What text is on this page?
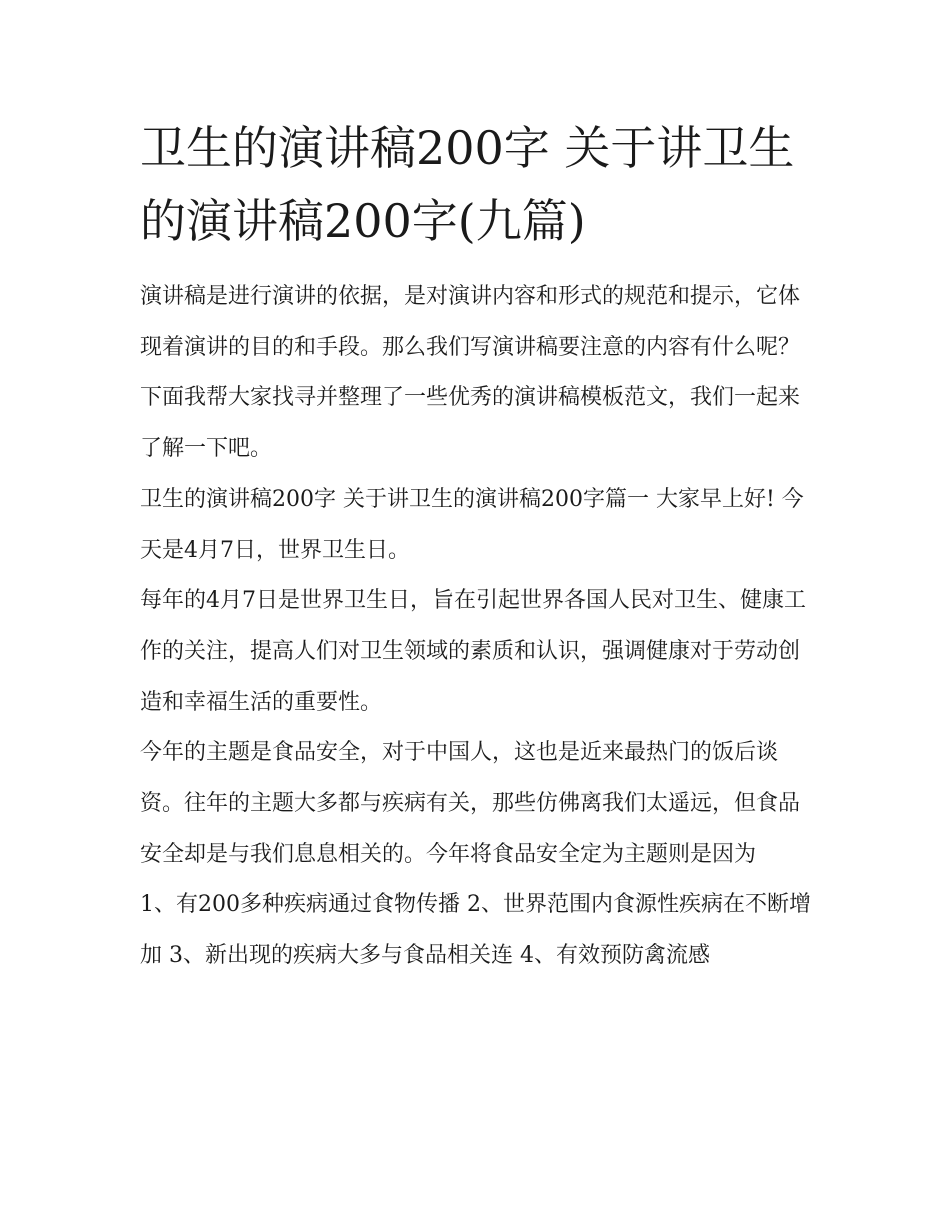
卫生的演讲稿200字 关于讲卫生的演讲稿200字(九篇)

演讲稿是进行演讲的依据，是对演讲内容和形式的规范和提示，它体现着演讲的目的和手段。那么我们写演讲稿要注意的内容有什么呢？下面我帮大家找寻并整理了一些优秀的演讲稿模板范文，我们一起来了解一下吧。

卫生的演讲稿200字 关于讲卫生的演讲稿200字篇一 大家早上好! 今天是4月7日，世界卫生日。

每年的4月7日是世界卫生日，旨在引起世界各国人民对卫生、健康工作的关注，提高人们对卫生领域的素质和认识，强调健康对于劳动创造和幸福生活的重要性。

今年的主题是食品安全，对于中国人，这也是近来最热门的饭后谈资。往年的主题大多都与疾病有关，那些仿佛离我们太遥远，但食品安全却是与我们息息相关的。今年将食品安全定为主题则是因为

1、有200多种疾病通过食物传播 2、世界范围内食源性疾病在不断增加 3、新出现的疾病大多与食品相关连 4、有效预防禽流感
